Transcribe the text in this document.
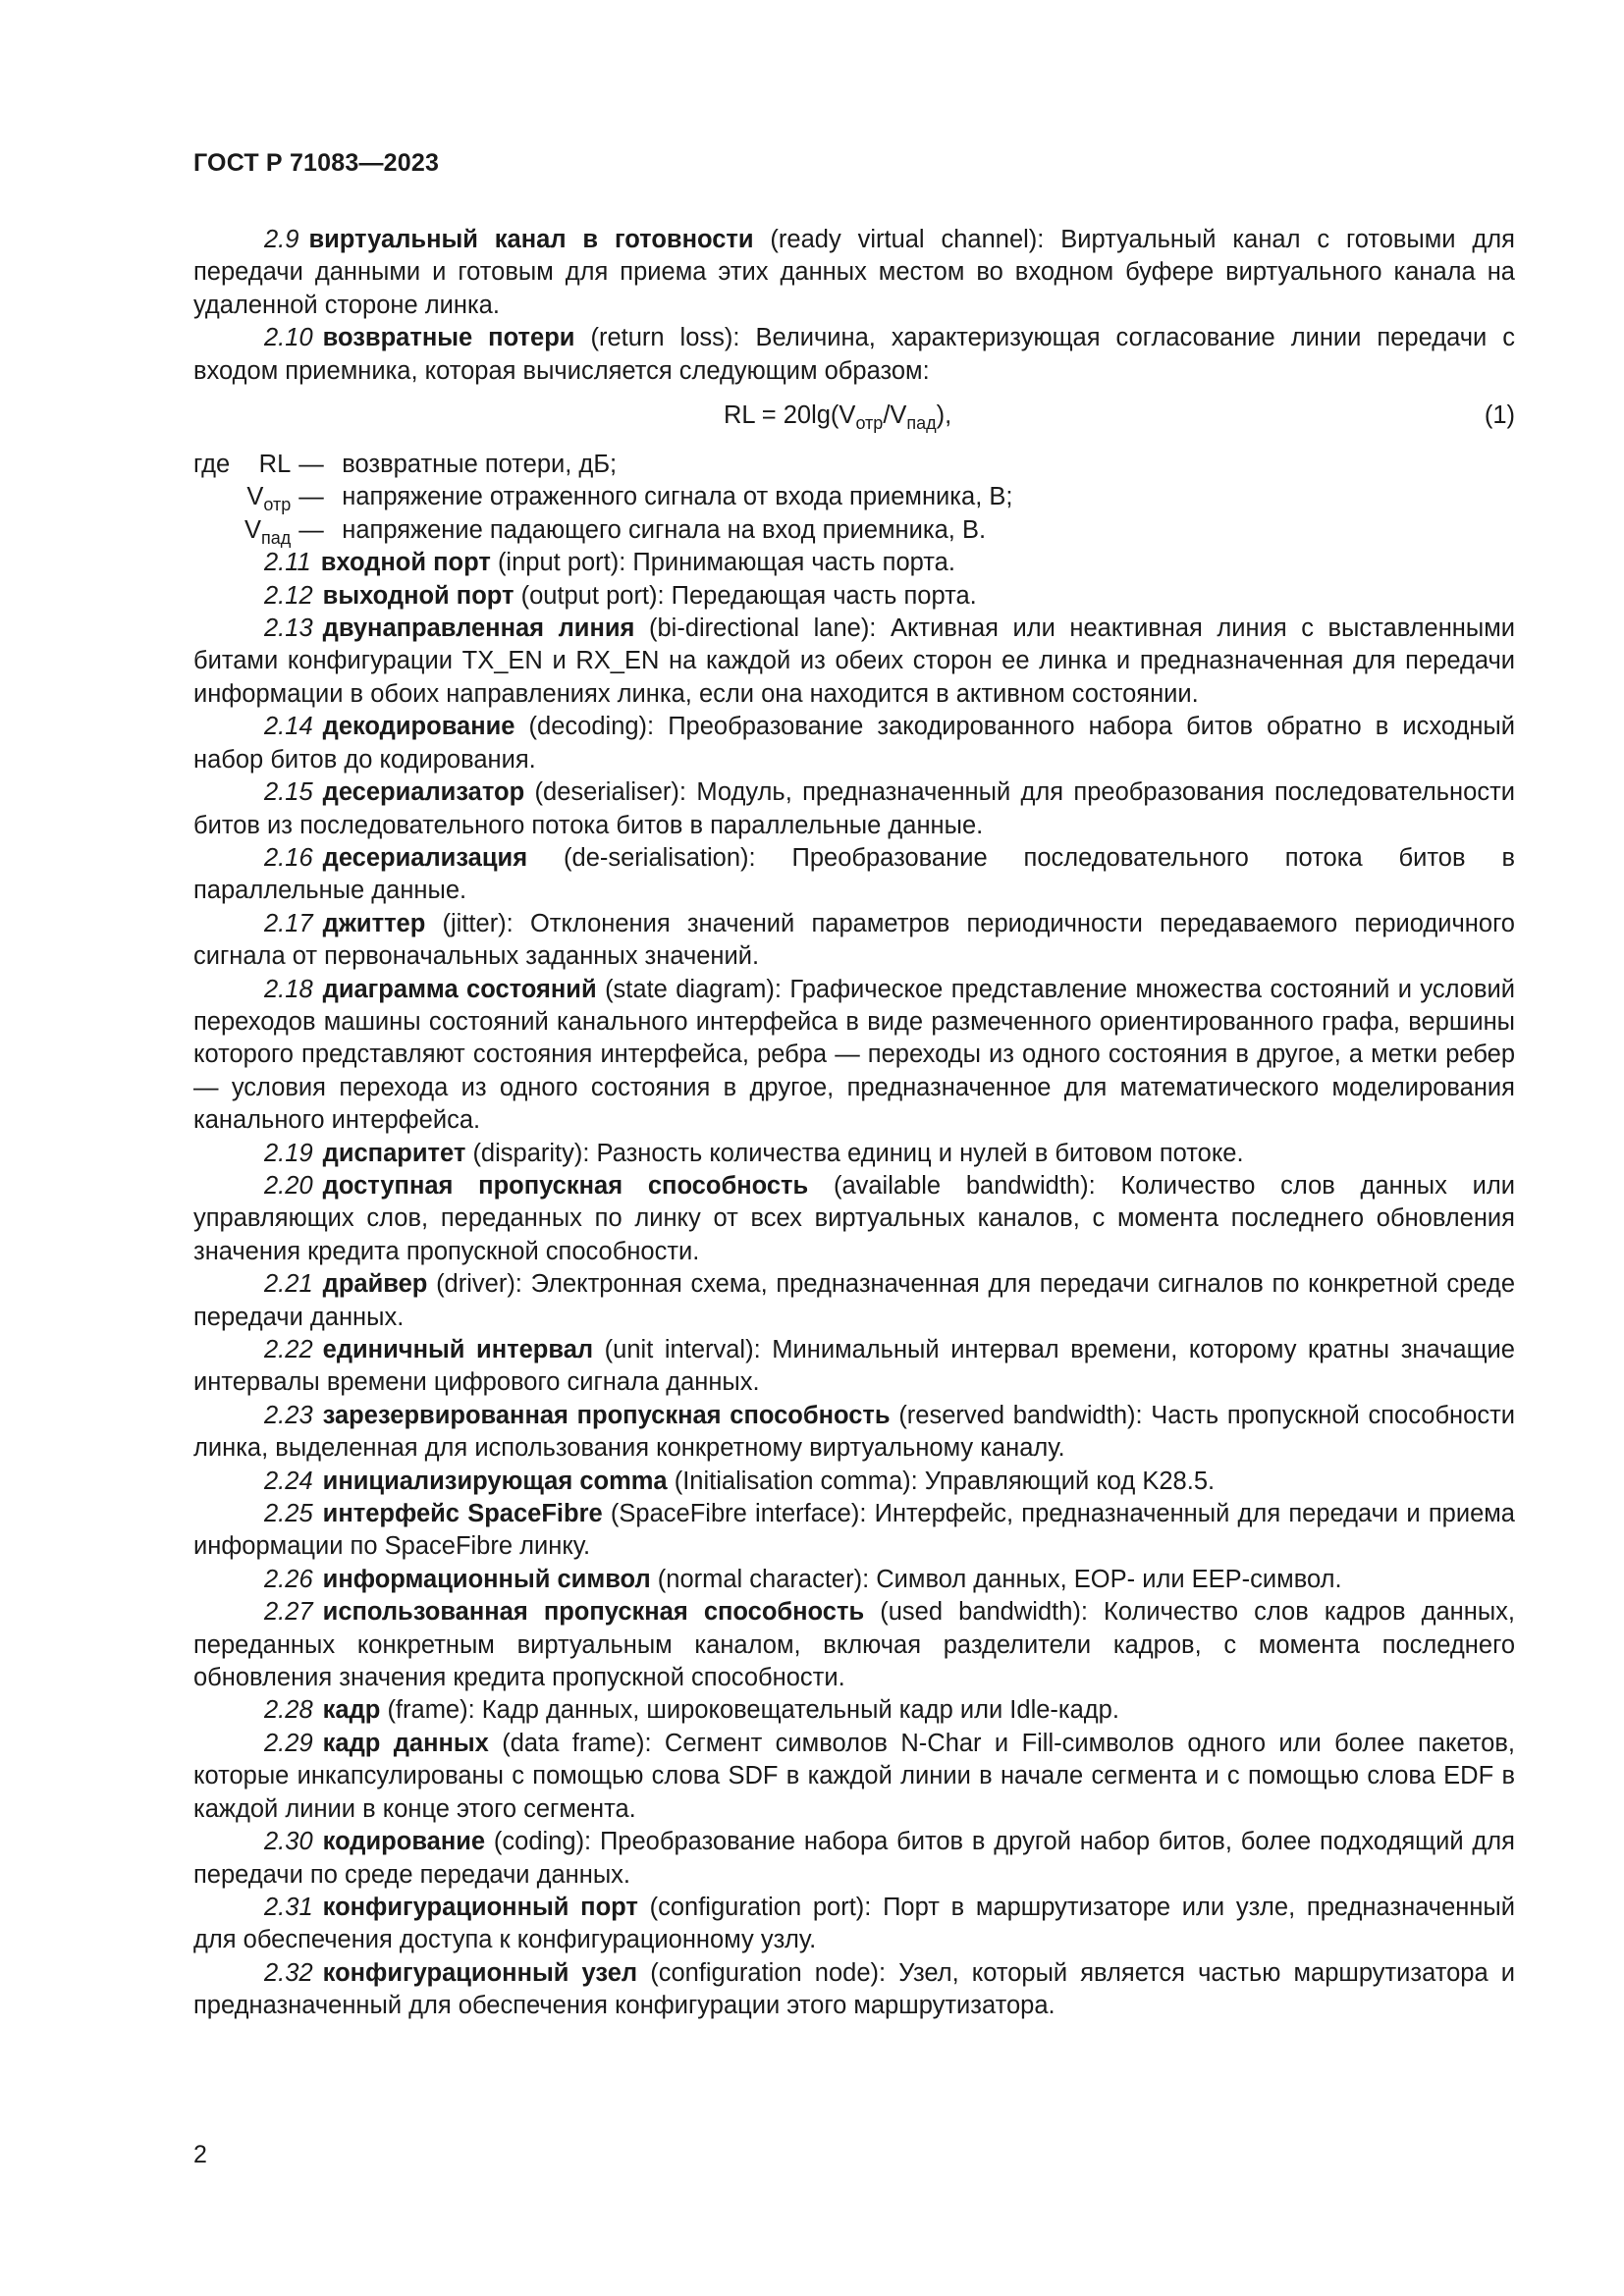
ГОСТ Р 71083—2023

2.9 виртуальный канал в готовности (ready virtual channel): Виртуальный канал с готовыми для передачи данными и готовым для приема этих данных местом во входном буфере виртуального канала на удаленной стороне линка.

2.10 возвратные потери (return loss): Величина, характеризующая согласование линии передачи с входом приемника, которая вычисляется следующим образом:

RL = $20\lg(V_{отр}/V_{пад})$,	(1)
где	RL	—	возвратные потери, дБ;
	$V_{отр}$	—	напряжение отраженного сигнала от входа приемника, В;
	$V_{пад}$	—	напряжение падающего сигнала на вход приемника, В.

2.11 входной порт (input port): Принимающая часть порта.

2.12 выходной порт (output port): Передающая часть порта.

2.13 двунаправленная линия (bi-directional lane): Активная или неактивная линия с выставленными битами конфигурации TX_EN и RX_EN на каждой из обеих сторон ее линка и предназначенная для передачи информации в обоих направлениях линка, если она находится в активном состоянии.

2.14 декодирование (decoding): Преобразование закодированного набора битов обратно в исходный набор битов до кодирования.

2.15 десериализатор (deserialiser): Модуль, предназначенный для преобразования последовательности битов из последовательного потока битов в параллельные данные.

2.16 десериализация (de-serialisation): Преобразование последовательного потока битов в параллельные данные.

2.17 джиттер (jitter): Отклонения значений параметров периодичности передаваемого периодичного сигнала от первоначальных заданных значений.

2.18 диаграмма состояний (state diagram): Графическое представление множества состояний и условий переходов машины состояний канального интерфейса в виде размеченного ориентированного графа, вершины которого представляют состояния интерфейса, ребра — переходы из одного состояния в другое, а метки ребер — условия перехода из одного состояния в другое, предназначенное для математического моделирования канального интерфейса.

2.19 диспаритет (disparity): Разность количества единиц и нулей в битовом потоке.

2.20 доступная пропускная способность (available bandwidth): Количество слов данных или управляющих слов, переданных по линку от всех виртуальных каналов, с момента последнего обновления значения кредита пропускной способности.

2.21 драйвер (driver): Электронная схема, предназначенная для передачи сигналов по конкретной среде передачи данных.

2.22 единичный интервал (unit interval): Минимальный интервал времени, которому кратны значащие интервалы времени цифрового сигнала данных.

2.23 зарезервированная пропускная способность (reserved bandwidth): Часть пропускной способности линка, выделенная для использования конкретному виртуальному каналу.

2.24 инициализирующая comma (Initialisation comma): Управляющий код K28.5.

2.25 интерфейс SpaceFibre (SpaceFibre interface): Интерфейс, предназначенный для передачи и приема информации по SpaceFibre линку.

2.26 информационный символ (normal character): Символ данных, EOP- или EEP-символ.

2.27 использованная пропускная способность (used bandwidth): Количество слов кадров данных, переданных конкретным виртуальным каналом, включая разделители кадров, с момента последнего обновления значения кредита пропускной способности.

2.28 кадр (frame): Кадр данных, широковещательный кадр или Idle-кадр.

2.29 кадр данных (data frame): Сегмент символов N-Char и Fill-символов одного или более пакетов, которые инкапсулированы с помощью слова SDF в каждой линии в начале сегмента и с помощью слова EDF в каждой линии в конце этого сегмента.

2.30 кодирование (coding): Преобразование набора битов в другой набор битов, более подходящий для передачи по среде передачи данных.

2.31 конфигурационный порт (configuration port): Порт в маршрутизаторе или узле, предназначенный для обеспечения доступа к конфигурационному узлу.

2.32 конфигурационный узел (configuration node): Узел, который является частью маршрутизатора и предназначенный для обеспечения конфигурации этого маршрутизатора.

2
